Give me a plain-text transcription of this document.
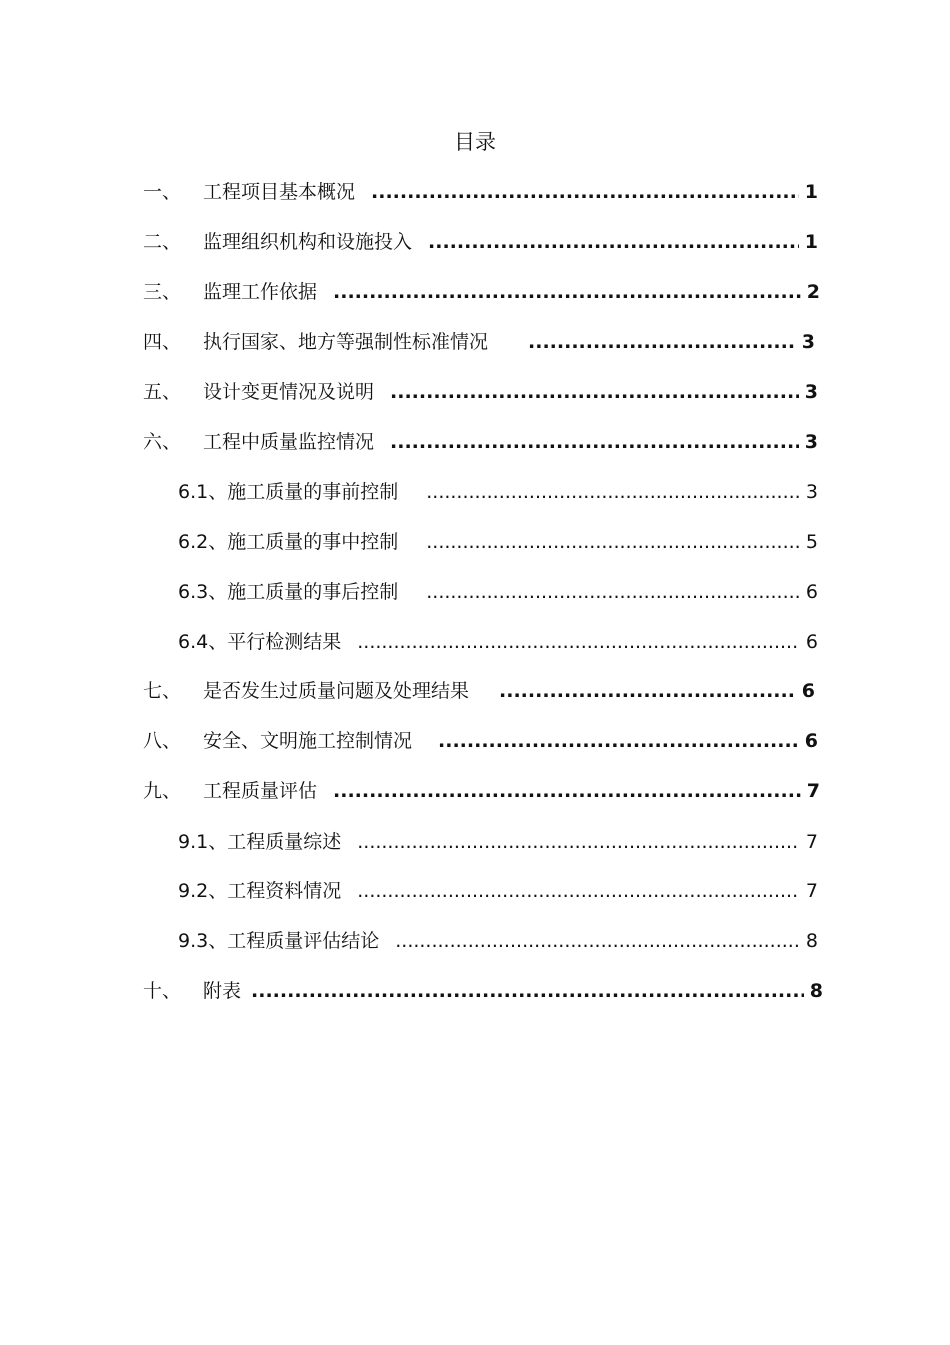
目录
一、	工程项目基本概况 .....	1
二、	监理组织机构和设施投入 .....	1
三、	监理工作依据 .....	2
四、	执行国家、地方等强制性标准情况 .....	3
五、	设计变更情况及说明 .....	3
六、	工程中质量监控情况 .....	3
6.1 、施工质量的事前控制 .....	3
6.2 、施工质量的事中控制 .....	5
6.3 、施工质量的事后控制 .....	6
6.4 、平行检测结果 .....	6
七、	是否发生过质量问题及处理结果 .....	6
八、	安全、文明施工控制情况 .....	6
九、	工程质量评估 .....	7
9.1 、工程质量综述 .....	7
9.2 、工程资料情况 .....	7
9.3 、工程质量评估结论 .....	8
十、	附表 .....	8
